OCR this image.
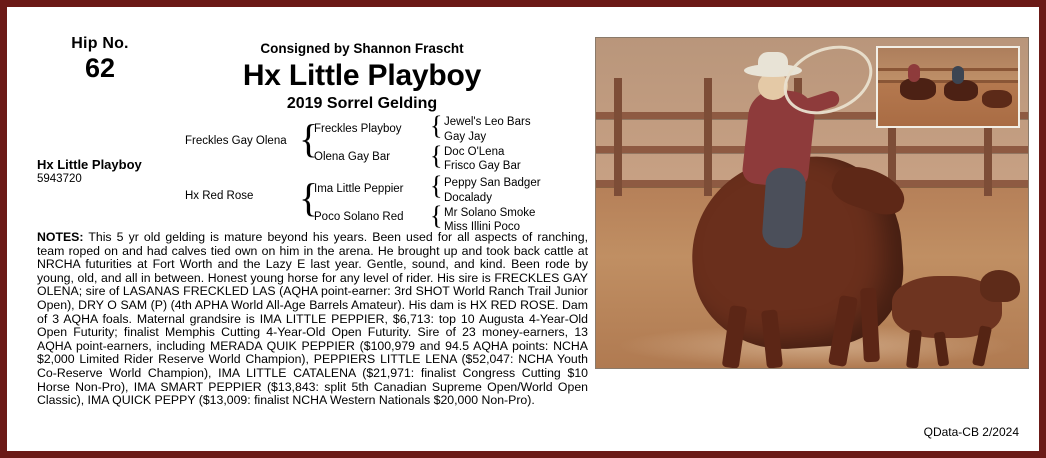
Hip No.
62
Consigned by Shannon Frascht
Hx Little Playboy
2019 Sorrel Gelding
Hx Little Playboy
5943720
Freckles Gay Olena
Hx Red Rose
{
{
{
{
{
{
Freckles Playboy
Olena Gay Bar
Ima Little Peppier
Poco Solano Red
Jewel's Leo Bars
Gay Jay
Doc O'Lena
Frisco Gay Bar
Peppy San Badger
Docalady
Mr Solano Smoke
Miss Illini Poco
NOTES: This 5 yr old gelding is mature beyond his years. Been used for all aspects of ranching, team roped on and had calves tied own on him in the arena. He brought up and took back cattle at NRCHA futurities at Fort Worth and the Lazy E last year. Gentle, sound, and kind. Been rode by young, old, and all in between. Honest young horse for any level of rider. His sire is FRECKLES GAY OLENA; sire of LASANAS FRECKLED LAS (AQHA point-earner: 3rd SHOT World Ranch Trail Junior Open), DRY O SAM (P) (4th APHA World All-Age Barrels Amateur). His dam is HX RED ROSE. Dam of 3 AQHA foals. Maternal grandsire is IMA LITTLE PEPPIER, $6,713: top 10 Augusta 4-Year-Old Open Futurity; finalist Memphis Cutting 4-Year-Old Open Futurity. Sire of 23 money-earners, 13 AQHA point-earners, including MERADA QUIK PEPPIER ($100,979 and 94.5 AQHA points: NCHA $2,000 Limited Rider Reserve World Champion), PEPPIERS LITTLE LENA ($52,047: NCHA Youth Co-Reserve World Champion), IMA LITTLE CATALENA ($21,971: finalist Congress Cutting $10 Horse Non-Pro), IMA SMART PEPPIER ($13,843: split 5th Canadian Supreme Open/World Open Classic), IMA QUICK PEPPY ($13,009: finalist NCHA Western Nationals $20,000 Non-Pro).
QData-CB 2/2024
